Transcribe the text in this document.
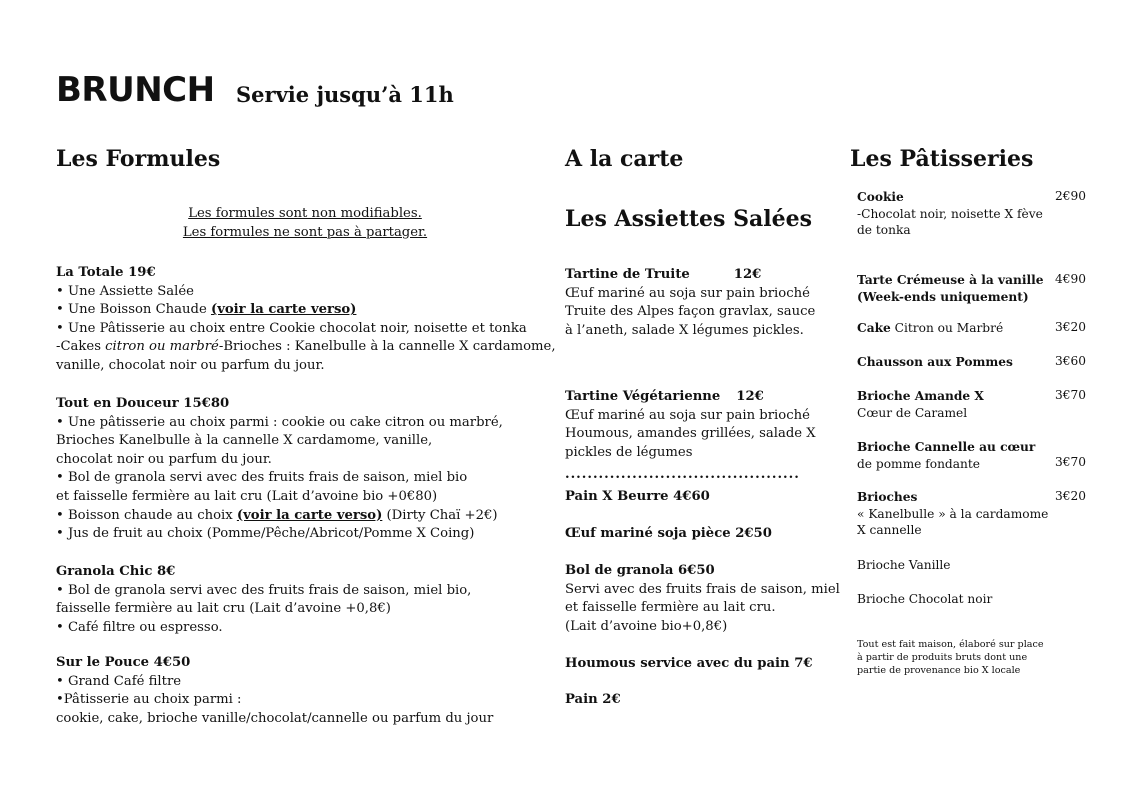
BRUNCH Servie jusqu’à 11h
Les Formules
Les formules sont non modifiables.
Les formules ne sont pas à partager.
La Totale 19€
• Une Assiette Salée
• Une Boisson Chaude (voir la carte verso)
• Une Pâtisserie au choix entre Cookie chocolat noir, noisette et tonka
-Cakes citron ou marbré-Brioches : Kanelbulle à la cannelle X cardamome,
vanille, chocolat noir ou parfum du jour.
Tout en Douceur 15€80
• Une pâtisserie au choix parmi : cookie ou cake citron ou marbré,
Brioches Kanelbulle à la cannelle X cardamome, vanille,
chocolat noir ou parfum du jour.
• Bol de granola servi avec des fruits frais de saison, miel bio
et faisselle fermière au lait cru (Lait d’avoine bio +0€80)
• Boisson chaude au choix (voir la carte verso) (Dirty Chaï +2€)
• Jus de fruit au choix (Pomme/Pêche/Abricot/Pomme X Coing)
Granola Chic 8€
• Bol de granola servi avec des fruits frais de saison, miel bio,
faisselle fermière au lait cru (Lait d’avoine +0,8€)
• Café filtre ou espresso.
Sur le Pouce 4€50
• Grand Café filtre
•Pâtisserie au choix parmi :
cookie, cake, brioche vanille/chocolat/cannelle ou parfum du jour
A la carte
Les Assiettes Salées
Tartine de Truite	12€
Œuf mariné au soja sur pain brioché
Truite des Alpes façon gravlax, sauce
à l’aneth, salade X légumes pickles.
Tartine Végétarienne 12€
Œuf mariné au soja sur pain brioché
Houmous, amandes grillées, salade X
pickles de légumes
..........................................
Pain X Beurre 4€60
Œuf mariné soja pièce 2€50
Bol de granola 6€50
Servi avec des fruits frais de saison, miel
et faisselle fermière au lait cru.
(Lait d’avoine bio+0,8€)
Houmous service avec du pain 7€
Pain 2€
Les Pâtisseries
Cookie
-Chocolat noir, noisette X fève
de tonka
2€90
Tarte Crémeuse à la vanille
(Week-ends uniquement)
4€90
Cake Citron ou Marbré	3€20
Chausson aux Pommes	3€60
Brioche Amande X
Cœur de Caramel
3€70
Brioche Cannelle au cœur
de pomme fondante	3€70
Brioches
« Kanelbulle » à la cardamome
X cannelle
3€20
Brioche Vanille
Brioche Chocolat noir
Tout est fait maison, élaboré sur place
à partir de produits bruts dont une
partie de provenance bio X locale
